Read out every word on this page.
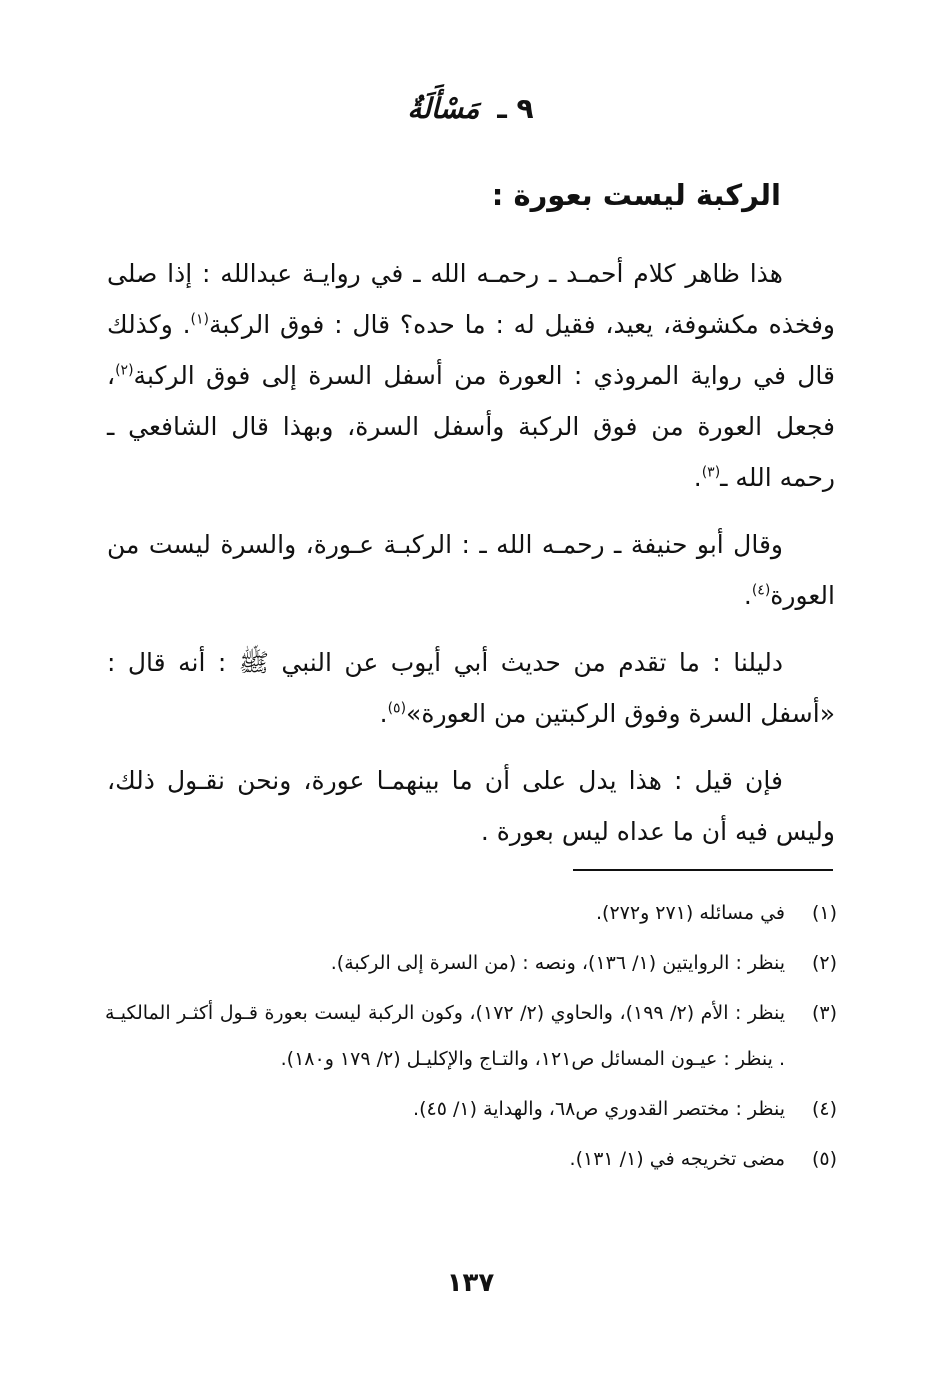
٩ ـ مَسْأَلَةٌ
الركبة ليست بعورة :

هذا ظاهر كلام أحمـد ـ رحمـه الله ـ في روايـة عبدالله : إذا صلى وفخذه مكشوفة، يعيد، فقيل له : ما حده؟ قال : فوق الركبة$^{(١)}$. وكذلك قال في رواية المروذي : العورة من أسفل السرة إلى فوق الركبة$^{(٢)}$، فجعل العورة من فوق الركبة وأسفل السرة، وبهذا قال الشافعي ـ رحمه الله ـ$^{(٣)}$.

وقال أبو حنيفة ـ رحمـه الله ـ : الركبـة عـورة، والسرة ليست من العورة$^{(٤)}$.

دليلنا : ما تقدم من حديث أبي أيوب عن النبي ﷺ : أنه قال : «أسفل السرة وفوق الركبتين من العورة»$^{(٥)}$.

فإن قيل : هذا يدل على أن ما بينهمـا عورة، ونحن نقـول ذلك، وليس فيه أن ما عداه ليس بعورة .

(١)
في مسائله (٢٧١ و٢٧٢).
(٢)
ينظر : الروايتين (١/ ١٣٦)، ونصه : (من السرة إلى الركبة).
(٣)
ينظر : الأم (٢/ ١٩٩)، والحاوي (٢/ ١٧٢)، وكون الركبة ليست بعورة قـول أكثـر المالكيـة . ينظر : عيـون المسائل ص١٢١، والتـاج والإكليـل (٢/ ١٧٩ و١٨٠).
(٤)
ينظر : مختصر القدوري ص٦٨، والهداية (١/ ٤٥).
(٥)
مضى تخريجه في (١/ ١٣١).
١٣٧
